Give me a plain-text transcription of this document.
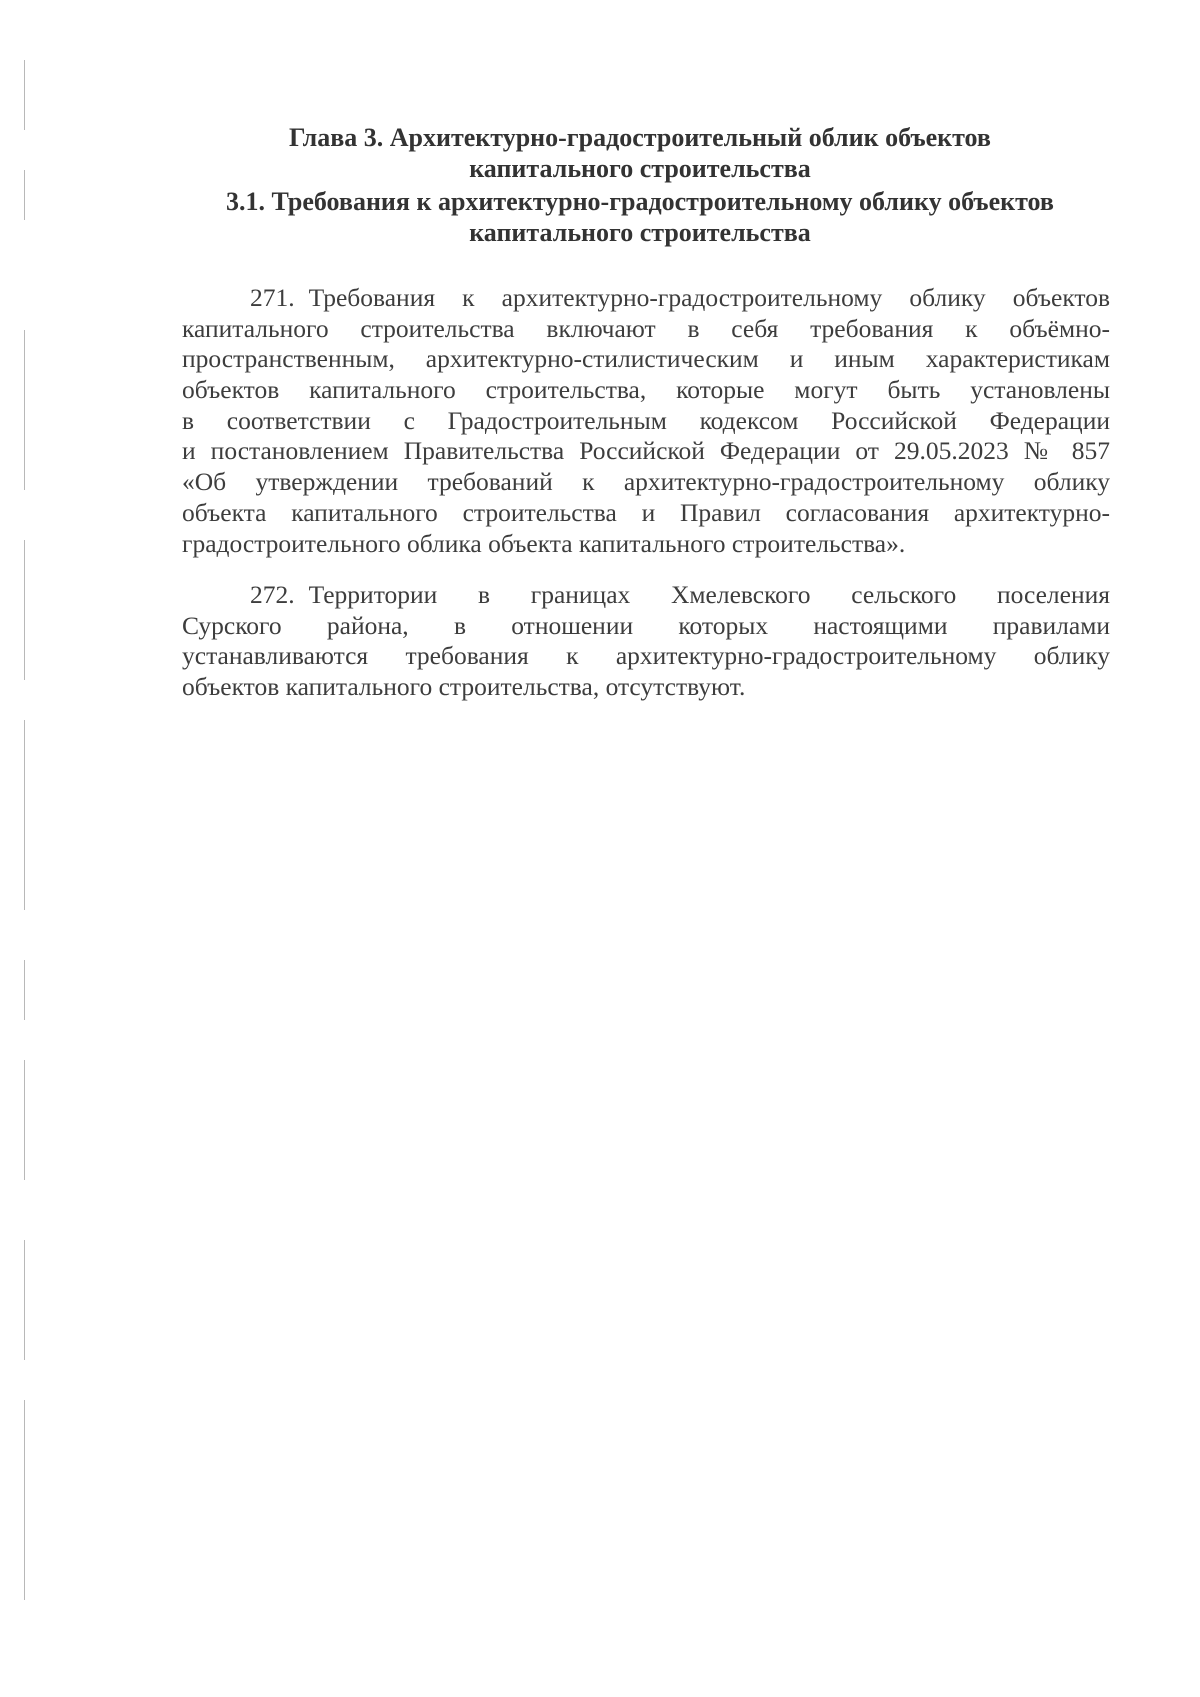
Глава 3. Архитектурно-градостроительный облик объектов
капитального строительства
3.1. Требования к архитектурно-градостроительному облику объектов
капитального строительства
271. Требования к архитектурно-градостроительному облику объектов
капитального строительства включают в себя требования к объёмно-
пространственным, архитектурно-стилистическим и иным характеристикам
объектов капитального строительства, которые могут быть установлены
в соответствии с Градостроительным кодексом Российской Федерации
и постановлением Правительства Российской Федерации от 29.05.2023 № 857
«Об утверждении требований к архитектурно-градостроительному облику
объекта капитального строительства и Правил согласования архитектурно-
градостроительного облика объекта капитального строительства».
272. Территории в границах Хмелевского сельского поселения
Сурского района, в отношении которых настоящими правилами
устанавливаются требования к архитектурно-градостроительному облику
объектов капитального строительства, отсутствуют.
